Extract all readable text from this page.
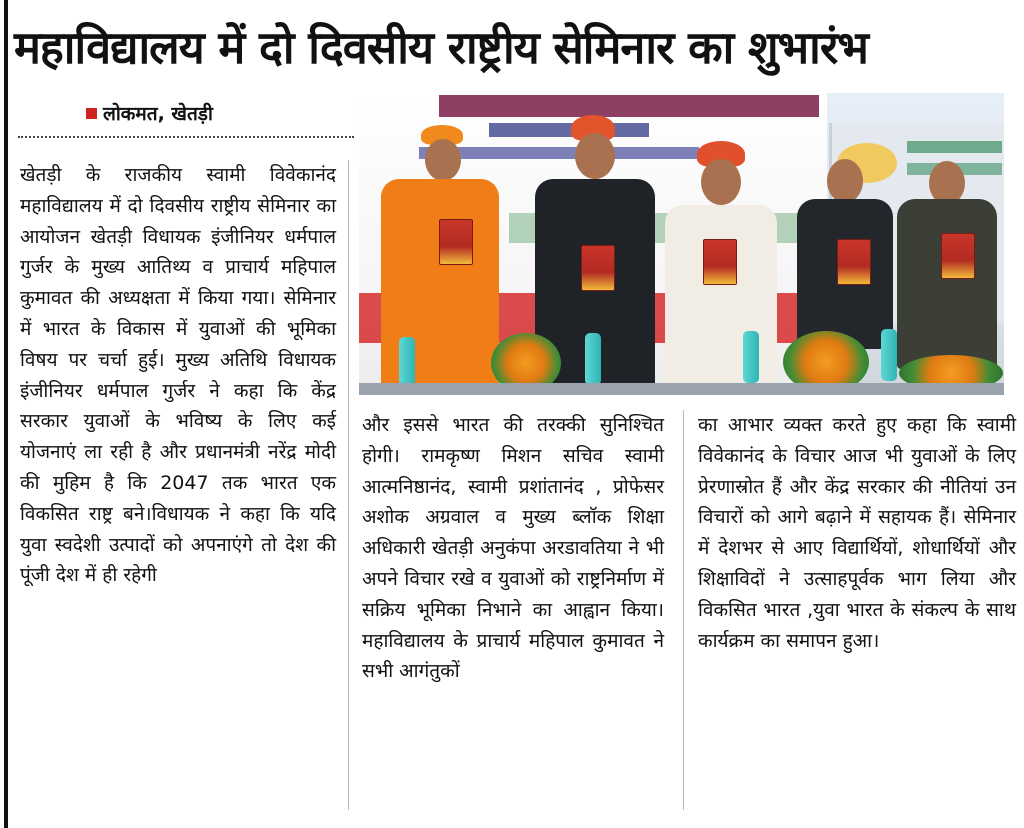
महाविद्यालय में दो दिवसीय राष्ट्रीय सेमिनार का शुभारंभ
लोकमत, खेतड़ी

खेतड़ी के राजकीय स्वामी विवेकानंद महाविद्यालय में दो दिवसीय राष्ट्रीय सेमिनार का आयोजन खेतड़ी विधायक इंजीनियर धर्मपाल गुर्जर के मुख्य आतिथ्य व प्राचार्य महिपाल कुमावत की अध्यक्षता में किया गया। सेमिनार में भारत के विकास में युवाओं की भूमिका विषय पर चर्चा हुई। मुख्य अतिथि विधायक इंजीनियर धर्मपाल गुर्जर ने कहा कि केंद्र सरकार युवाओं के भविष्य के लिए कई योजनाएं ला रही है और प्रधानमंत्री नरेंद्र मोदी की मुहिम है कि 2047 तक भारत एक विकसित राष्ट्र बने।विधायक ने कहा कि यदि युवा स्वदेशी उत्पादों को अपनाएंगे तो देश की पूंजी देश में ही रहेगी

और इससे भारत की तरक्की सुनिश्चित होगी। रामकृष्ण मिशन सचिव स्वामी आत्मनिष्ठानंद, स्वामी प्रशांतानंद , प्रोफेसर अशोक अग्रवाल व मुख्य ब्लॉक शिक्षा अधिकारी खेतड़ी अनुकंपा अरडावतिया ने भी अपने विचार रखे व युवाओं को राष्ट्रनिर्माण में सक्रिय भूमिका निभाने का आह्वान किया। महाविद्यालय के प्राचार्य महिपाल कुमावत ने सभी आगंतुकों

का आभार व्यक्त करते हुए कहा कि स्वामी विवेकानंद के विचार आज भी युवाओं के लिए प्रेरणास्रोत हैं और केंद्र सरकार की नीतियां उन विचारों को आगे बढ़ाने में सहायक हैं। सेमिनार में देशभर से आए विद्यार्थियों, शोधार्थियों और शिक्षाविदों ने उत्साहपूर्वक भाग लिया और विकसित भारत ,युवा भारत के संकल्प के साथ कार्यक्रम का समापन हुआ।
